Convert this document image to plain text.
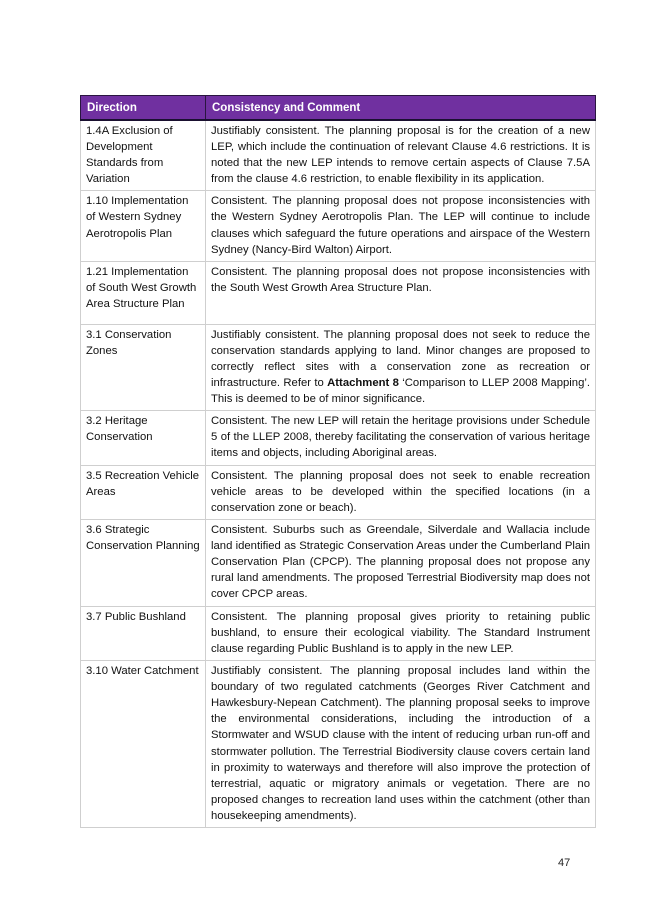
Direction	Consistency and Comment
1.4A Exclusion of Development Standards from Variation	Justifiably consistent. The planning proposal is for the creation of a new LEP, which include the continuation of relevant Clause 4.6 restrictions. It is noted that the new LEP intends to remove certain aspects of Clause 7.5A from the clause 4.6 restriction, to enable flexibility in its application.
1.10 Implementation of Western Sydney Aerotropolis Plan	Consistent. The planning proposal does not propose inconsistencies with the Western Sydney Aerotropolis Plan. The LEP will continue to include clauses which safeguard the future operations and airspace of the Western Sydney (Nancy-Bird Walton) Airport.
1.21 Implementation of South West Growth Area Structure Plan	Consistent. The planning proposal does not propose inconsistencies with the South West Growth Area Structure Plan.
3.1 Conservation Zones	Justifiably consistent. The planning proposal does not seek to reduce the conservation standards applying to land. Minor changes are proposed to correctly reflect sites with a conservation zone as recreation or infrastructure. Refer to Attachment 8 ‘Comparison to LLEP 2008 Mapping’. This is deemed to be of minor significance.
3.2 Heritage Conservation	Consistent. The new LEP will retain the heritage provisions under Schedule 5 of the LLEP 2008, thereby facilitating the conservation of various heritage items and objects, including Aboriginal areas.
3.5 Recreation Vehicle Areas	Consistent. The planning proposal does not seek to enable recreation vehicle areas to be developed within the specified locations (in a conservation zone or beach).
3.6 Strategic Conservation Planning	Consistent. Suburbs such as Greendale, Silverdale and Wallacia include land identified as Strategic Conservation Areas under the Cumberland Plain Conservation Plan (CPCP). The planning proposal does not propose any rural land amendments. The proposed Terrestrial Biodiversity map does not cover CPCP areas.
3.7 Public Bushland	Consistent. The planning proposal gives priority to retaining public bushland, to ensure their ecological viability. The Standard Instrument clause regarding Public Bushland is to apply in the new LEP.
3.10 Water Catchment	Justifiably consistent. The planning proposal includes land within the boundary of two regulated catchments (Georges River Catchment and Hawkesbury-Nepean Catchment). The planning proposal seeks to improve the environmental considerations, including the introduction of a Stormwater and WSUD clause with the intent of reducing urban run-off and stormwater pollution. The Terrestrial Biodiversity clause covers certain land in proximity to waterways and therefore will also improve the protection of terrestrial, aquatic or migratory animals or vegetation. There are no proposed changes to recreation land uses within the catchment (other than housekeeping amendments).
47
